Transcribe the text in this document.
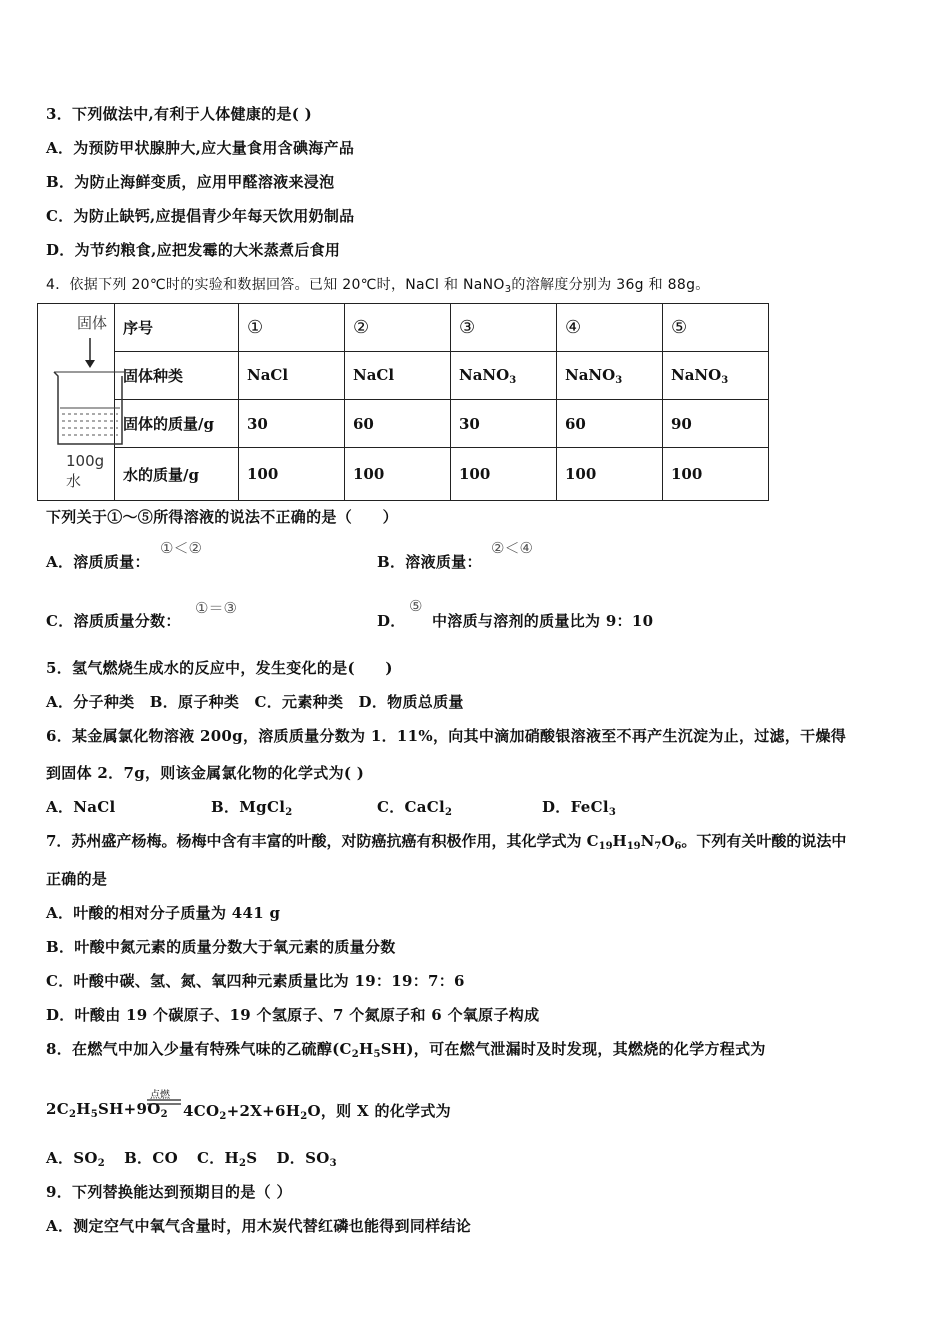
3．下列做法中,有利于人体健康的是( )
A．为预防甲状腺肿大,应大量食用含碘海产品
B．为防止海鲜变质，应用甲醛溶液来浸泡
C．为防止缺钙,应提倡青少年每天饮用奶制品
D．为节约粮食,应把发霉的大米蒸煮后食用
4．依据下列 20℃时的实验和数据回答。已知 20℃时，NaCl 和 NaNO$_3$的溶解度分别为 36g 和 88g。
固体
100g水	序号	①	②	③	④	⑤
	固体种类	NaCl	NaCl	NaNO$_3$	NaNO$_3$	NaNO$_3$
	固体的质量/g	30	60	30	60	90
	水的质量/g	100	100	100	100	100
下列关于①～⑤所得溶液的说法不正确的是（　　）
A．溶质质量：
①＜②
B．溶液质量：
②＜④
C．溶质质量分数：
①＝③
D．
⑤
中溶质与溶剂的质量比为 9：10
5．氢气燃烧生成水的反应中，发生变化的是(　　)
A．分子种类　B．原子种类　C．元素种类　D．物质总质量
6．某金属氯化物溶液 200g，溶质质量分数为 1．11%，向其中滴加硝酸银溶液至不再产生沉淀为止，过滤，干燥得
到固体 2．7g，则该金属氯化物的化学式为( )
A．NaCl	B．MgCl$_2$	C．CaCl$_2$	D．FeCl$_3$
7．苏州盛产杨梅。杨梅中含有丰富的叶酸，对防癌抗癌有积极作用，其化学式为 $C_{19}H_{19}N_7O_6$。下列有关叶酸的说法中
正确的是
A．叶酸的相对分子质量为 441 g
B．叶酸中氮元素的质量分数大于氧元素的质量分数
C．叶酸中碳、氢、氮、氧四种元素质量比为 19：19：7：6
D．叶酸由 19 个碳原子、19 个氢原子、7 个氮原子和 6 个氧原子构成
8．在燃气中加入少量有特殊气味的乙硫醇$(C_2H_5SH)$，可在燃气泄漏时及时发现，其燃烧的化学方程式为
点燃
$2C_2H_5SH+9O_2$ $4CO_2+2X+6H_2O$，则 X 的化学式为
A．$SO_2$ B．CO C．$H_2S$ D．$SO_3$
9．下列替换能达到预期目的是（ ）
A．测定空气中氧气含量时，用木炭代替红磷也能得到同样结论
